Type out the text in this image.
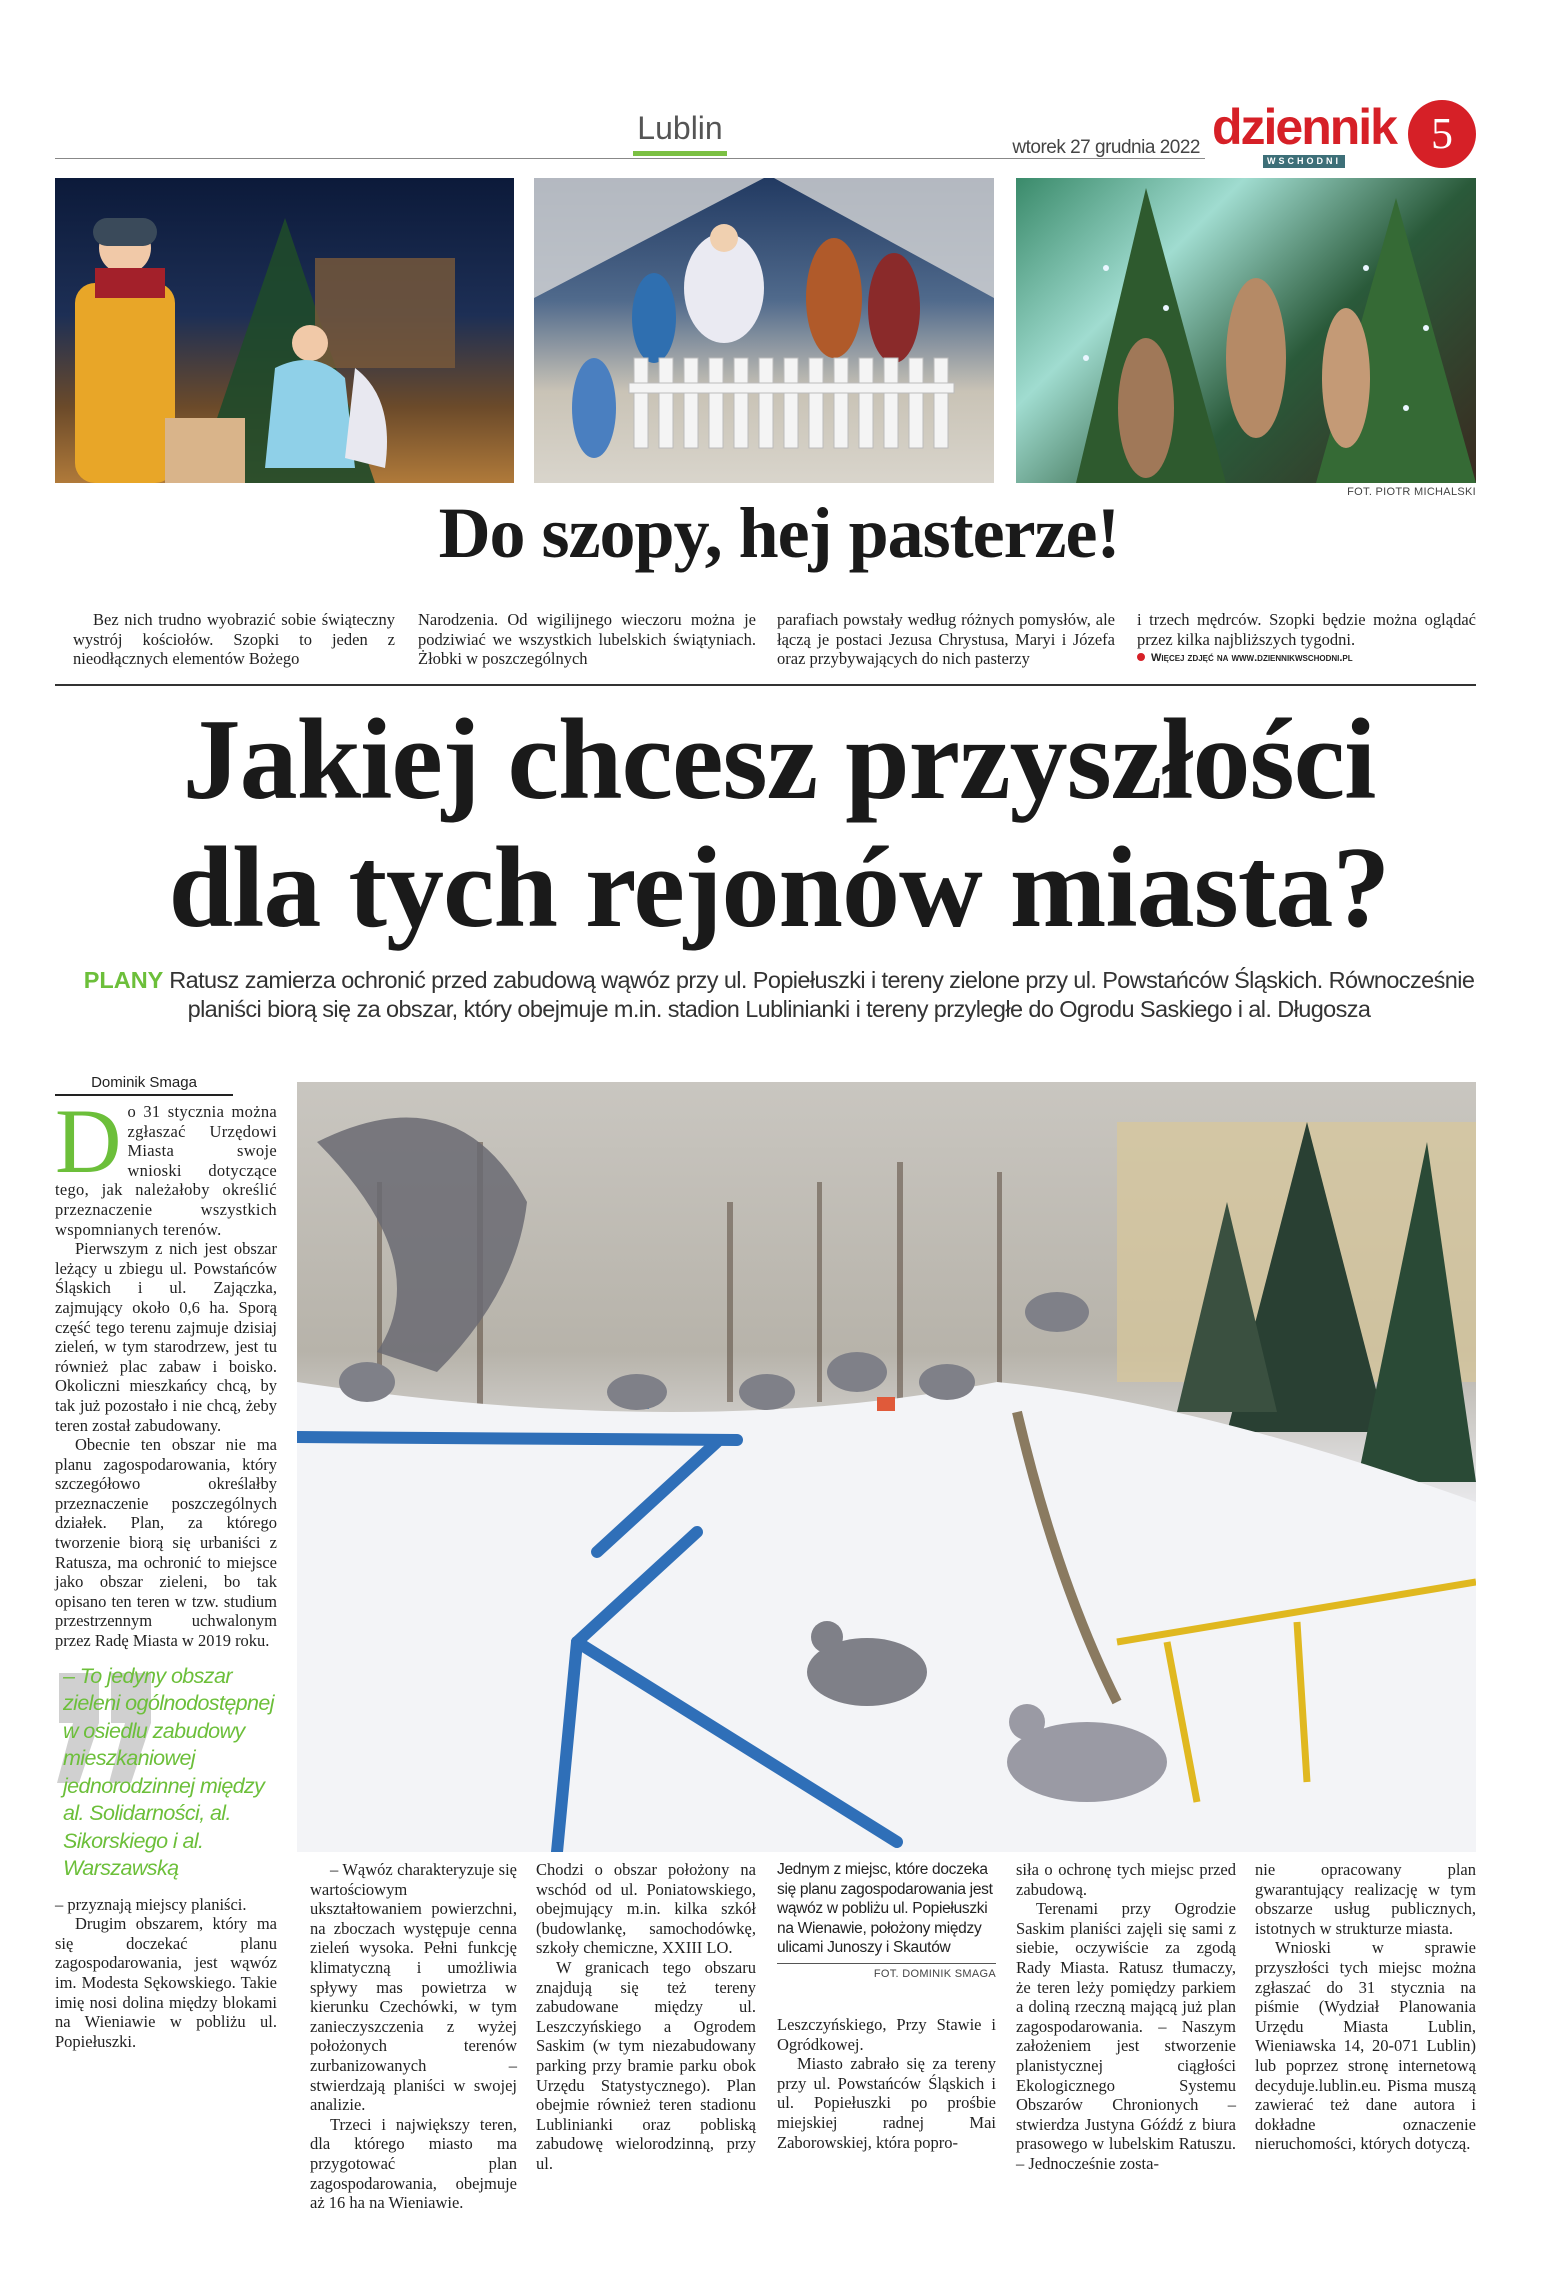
Lublin
wtorek 27 grudnia 2022 dziennik
WSCHODNI
5
FOT. PIOTR MICHALSKI
Do szopy, hej pasterze!

Bez nich trudno wyobrazić sobie świąteczny wystrój kościołów. Szopki to jeden z nieodłącznych elementów Bożego

Narodzenia. Od wigilijnego wieczoru można je podziwiać we wszystkich lubelskich świątyniach. Żłobki w poszczególnych

parafiach powstały według różnych pomysłów, ale łączą je postaci Jezusa Chrystusa, Maryi i Józefa oraz przybywających do nich pasterzy

i trzech mędrców. Szopki będzie można oglądać przez kilka najbliższych tygodni.

Więcej zdjęć na www.dziennikwschodni.pl

Jakiej chcesz przyszłości
dla tych rejonów miasta?
PLANY Ratusz zamierza ochronić przed zabudową wąwóz przy ul. Popiełuszki i tereny zielone przy ul. Powstańców Śląskich. Równocześnie planiści biorą się za obszar, który obejmuje m.in. stadion Lublinianki i tereny przyległe do Ogrodu Saskiego i al. Długosza
Dominik Smaga
D o 31 stycznia można zgłaszać Urzędowi Miasta swoje wnioski dotyczące tego, jak należałoby określić przeznaczenie wszystkich wspomnianych terenów.

Pierwszym z nich jest obszar leżący u zbiegu ul. Powstańców Śląskich i ul. Zajączka, zajmujący około 0,6 ha. Sporą część tego terenu zajmuje dzisiaj zieleń, w tym starodrzew, jest tu również plac zabaw i boisko. Okoliczni mieszkańcy chcą, by tak już pozostało i nie chcą, żeby teren został zabudowany.

Obecnie ten obszar nie ma planu zagospodarowania, który szczegółowo określałby przeznaczenie poszczególnych działek. Plan, za którego tworzenie biorą się urbaniści z Ratusza, ma ochronić to miejsce jako obszar zieleni, bo tak opisano ten teren w tzw. studium przestrzennym uchwalonym przez Radę Miasta w 2019 roku.

– To jedyny obszar zieleni ogólnodostępnej w osiedlu zabudowy mieszkaniowej jednorodzinnej między al. Solidarności, al. Sikorskiego i al. Warszawską

– przyznają miejscy planiści.

Drugim obszarem, który ma się doczekać planu zagospodarowania, jest wąwóz im. Modesta Sękowskiego. Takie imię nosi dolina między blokami na Wieniawie w pobliżu ul. Popiełuszki.

– Wąwóz charakteryzuje się wartościowym ukształtowaniem powierzchni, na zboczach występuje cenna zieleń wysoka. Pełni funkcję klimatyczną i umożliwia spływy mas powietrza w kierunku Czechówki, w tym zanieczyszczenia z wyżej położonych terenów zurbanizowanych – stwierdzają planiści w swojej analizie.

Trzeci i największy teren, dla którego miasto ma przygotować plan zagospodarowania, obejmuje aż 16 ha na Wieniawie.

Chodzi o obszar położony na wschód od ul. Poniatowskiego, obejmujący m.in. kilka szkół (budowlankę, samochodówkę, szkoły chemiczne, XXIII LO.

W granicach tego obszaru znajdują się też tereny zabudowane między ul. Leszczyńskiego a Ogrodem Saskim (w tym niezabudowany parking przy bramie parku obok Urzędu Statystycznego). Plan obejmie również teren stadionu Lublinianki oraz pobliską zabudowę wielorodzinną, przy ul.

Jednym z miejsc, które doczeka się planu zagospodarowania jest wąwóz w pobliżu ul. Popiełuszki na Wienawie, położony między ulicami Junoszy i Skautów
FOT. DOMINIK SMAGA

Leszczyńskiego, Przy Stawie i Ogródkowej.

Miasto zabrało się za tereny przy ul. Powstańców Śląskich i ul. Popiełuszki po prośbie miejskiej radnej Mai Zaborowskiej, która popro-

siła o ochronę tych miejsc przed zabudową.

Terenami przy Ogrodzie Saskim planiści zajęli się sami z siebie, oczywiście za zgodą Rady Miasta. Ratusz tłumaczy, że teren leży pomiędzy parkiem a doliną rzeczną mającą już plan zagospodarowania. – Naszym założeniem jest stworzenie planistycznej ciągłości Ekologicznego Systemu Obszarów Chronionych – stwierdza Justyna Góźdź z biura prasowego w lubelskim Ratuszu. – Jednocześnie zosta-

nie opracowany plan gwarantujący realizację w tym obszarze usług publicznych, istotnych w strukturze miasta.

Wnioski w sprawie przyszłości tych miejsc można zgłaszać do 31 stycznia na piśmie (Wydział Planowania Urzędu Miasta Lublin, Wieniawska 14, 20-071 Lublin) lub poprzez stronę internetową decyduje.lublin.eu. Pisma muszą zawierać też dane autora i dokładne oznaczenie nieruchomości, których dotyczą.
